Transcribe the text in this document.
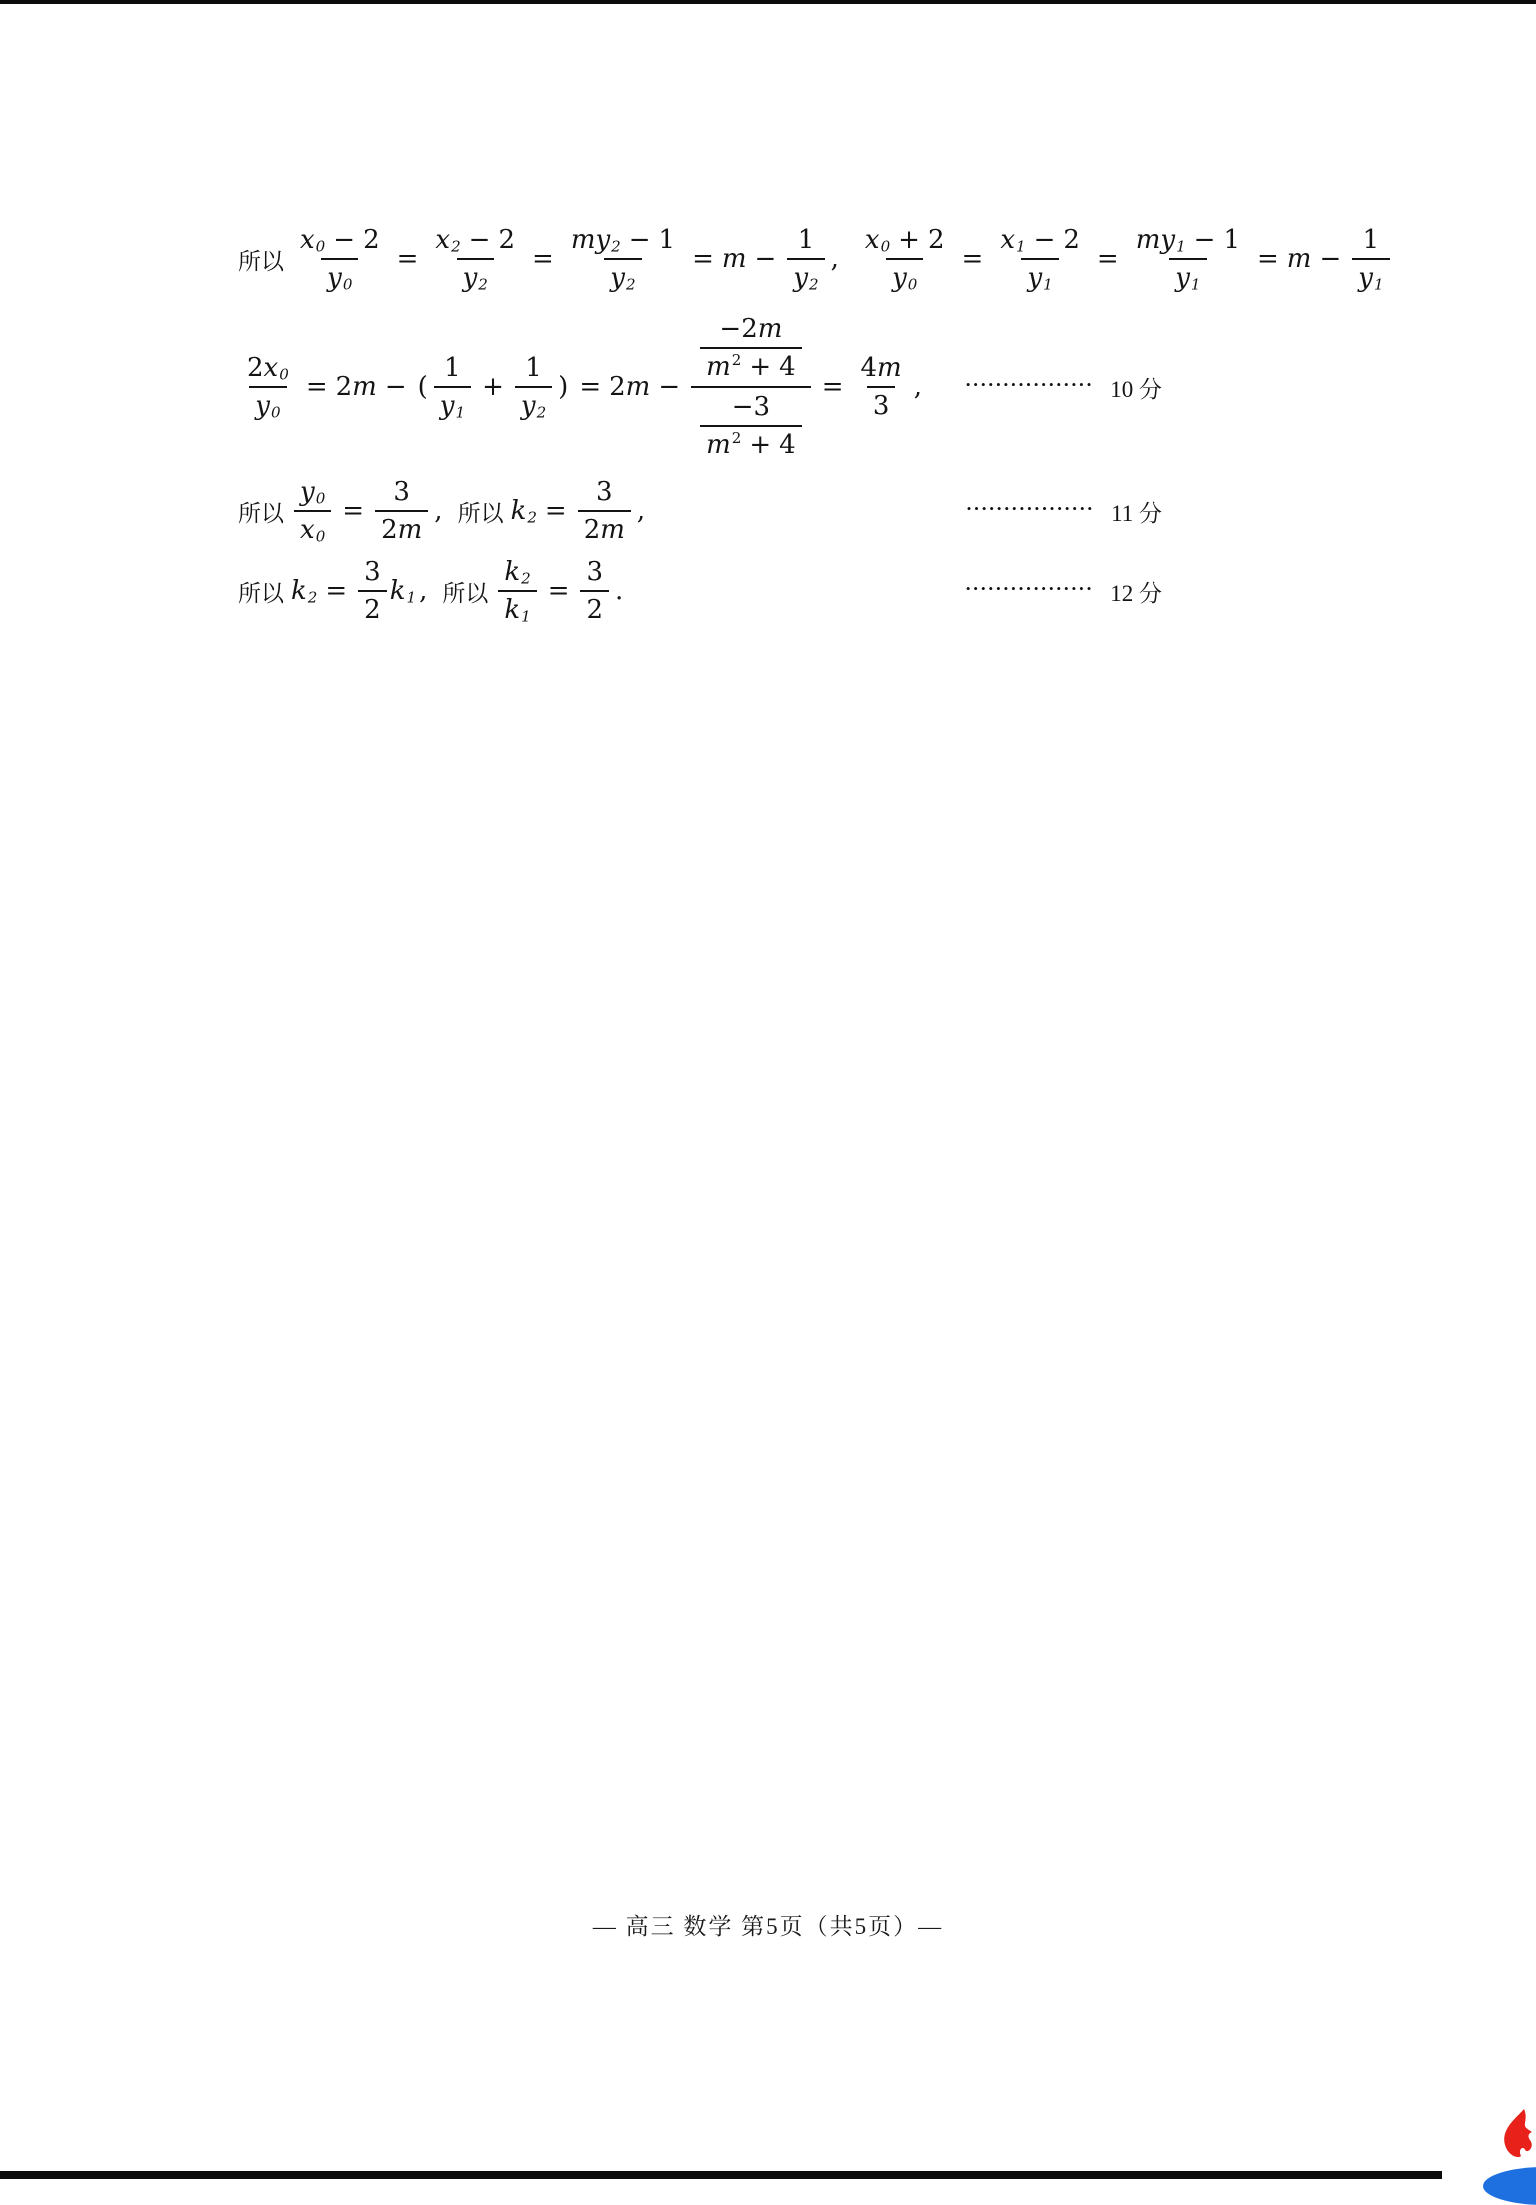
所以 $\frac{x 0 - 2}{y 0} = \frac{x 2 - 2}{y 2} = \frac{my 2 - 1}{y 2} = m - \frac{1}{y 2}$ , $\frac{x 0 + 2}{y 0} = \frac{x 1 - 2}{y 1} = \frac{my 1 - 1}{y 1} = m - \frac{1}{y 1}$
$\frac{2 x 0}{y 0} = 2$ m − ( $\frac{1}{y 1} + \frac{1}{y 2}$ ) = 2 $m - \frac{\frac{-2 m}{m 2 + 4}}{\frac{-3}{m 2 + 4}} = \frac{4 m}{3}$ ,	••••••••••••••••• 10 分
所以 $\frac{y 0}{x 0} = \frac{3}{2 m}$ , 所以 k $2 = \frac{3}{2 m}$ ,	••••••••••••••••• 11 分
所以 k $2 = \frac{3}{2}$ k 1 , 所以 $\frac{k 2}{k 1} = \frac{3}{2}$ .	••••••••••••••••• 12 分
— 高三 数学 第5页（共5页）—
